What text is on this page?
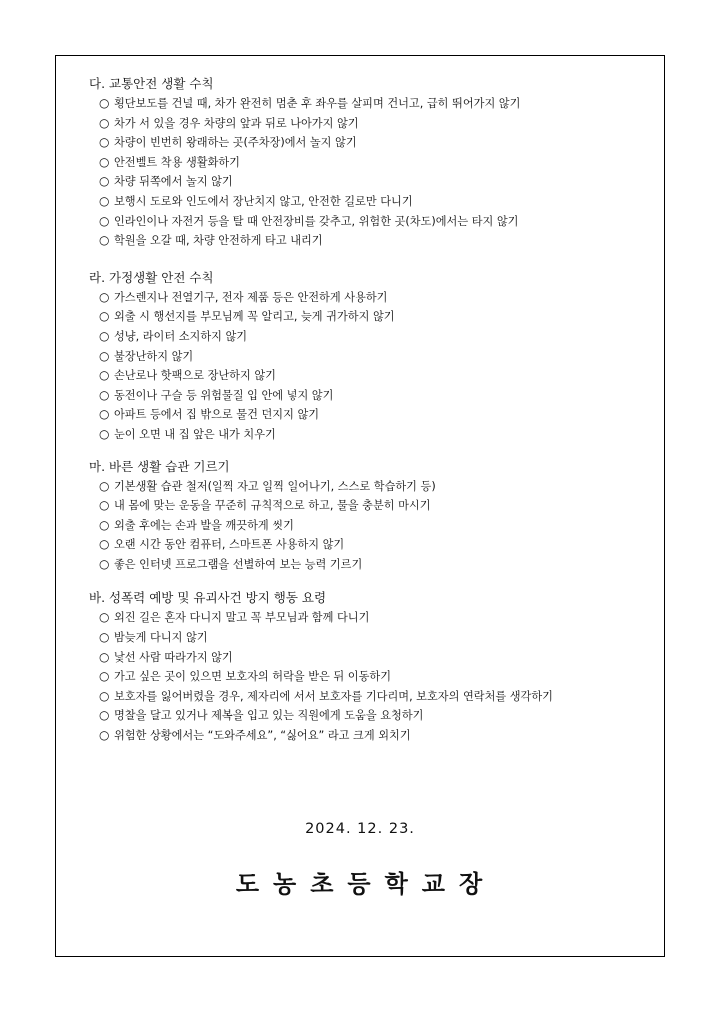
다. 교통안전 생활 수칙
○ 횡단보도를 건널 때, 차가 완전히 멈춘 후 좌우를 살피며 건너고, 급히 뛰어가지 않기
○ 차가 서 있을 경우 차량의 앞과 뒤로 나아가지 않기
○ 차량이 빈번히 왕래하는 곳(주차장)에서 놀지 않기
○ 안전벨트 착용 생활화하기
○ 차량 뒤쪽에서 놀지 않기
○ 보행시 도로와 인도에서 장난치지 않고, 안전한 길로만 다니기
○ 인라인이나 자전거 등을 탈 때 안전장비를 갖추고, 위험한 곳(차도)에서는 타지 않기
○ 학원을 오갈 때, 차량 안전하게 타고 내리기
라. 가정생활 안전 수칙
○ 가스렌지나 전열기구, 전자 제품 등은 안전하게 사용하기
○ 외출 시 행선지를 부모님께 꼭 알리고, 늦게 귀가하지 않기
○ 성냥, 라이터 소지하지 않기
○ 불장난하지 않기
○ 손난로나 핫팩으로 장난하지 않기
○ 동전이나 구슬 등 위험물질 입 안에 넣지 않기
○ 아파트 등에서 집 밖으로 물건 던지지 않기
○ 눈이 오면 내 집 앞은 내가 치우기
마. 바른 생활 습관 기르기
○ 기본생활 습관 철저(일찍 자고 일찍 일어나기, 스스로 학습하기 등)
○ 내 몸에 맞는 운동을 꾸준히 규칙적으로 하고, 물을 충분히 마시기
○ 외출 후에는 손과 발을 깨끗하게 씻기
○ 오랜 시간 동안 컴퓨터, 스마트폰 사용하지 않기
○ 좋은 인터넷 프로그램을 선별하여 보는 능력 기르기
바. 성폭력 예방 및 유괴사건 방지 행동 요령
○ 외진 길은 혼자 다니지 말고 꼭 부모님과 함께 다니기
○ 밤늦게 다니지 않기
○ 낯선 사람 따라가지 않기
○ 가고 싶은 곳이 있으면 보호자의 허락을 받은 뒤 이동하기
○ 보호자를 잃어버렸을 경우, 제자리에 서서 보호자를 기다리며, 보호자의 연락처를 생각하기
○ 명찰을 달고 있거나 제복을 입고 있는 직원에게 도움을 요청하기
○ 위험한 상황에서는 “도와주세요”, “싫어요” 라고 크게 외치기
2024. 12. 23.
도농초등학교장
